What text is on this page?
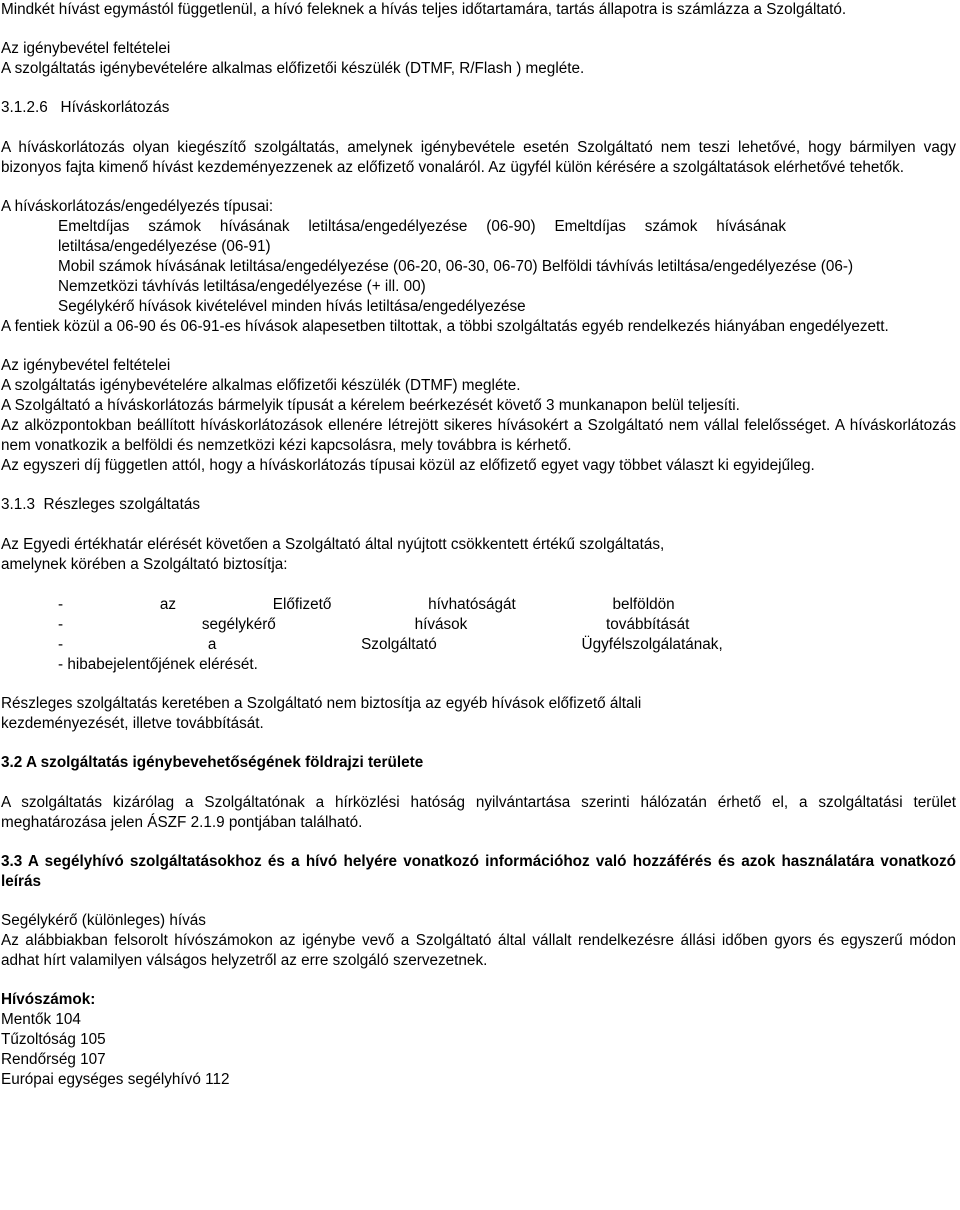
Mindkét hívást egymástól függetlenül, a hívó feleknek a hívás teljes időtartamára, tartás állapotra is számlázza a Szolgáltató.

Az igénybevétel feltételei

A szolgáltatás igénybevételére alkalmas előfizetői készülék (DTMF, R/Flash ) megléte.

3.1.2.6   Híváskorlátozás

A híváskorlátozás olyan kiegészítő szolgáltatás, amelynek igénybevétele esetén Szolgáltató nem teszi lehetővé, hogy bármilyen vagy bizonyos fajta kimenő hívást kezdeményezzenek az előfizető vonaláról. Az ügyfél külön kérésére a szolgáltatások elérhetővé tehetők.

A híváskorlátozás/engedélyezés típusai:

Emeltdíjas számok hívásának letiltása/engedélyezése (06-90) Emeltdíjas számok hívásának letiltása/engedélyezése (06-91)

Mobil számok hívásának letiltása/engedélyezése (06-20, 06-30, 06-70) Belföldi távhívás letiltása/engedélyezése (06-)

Nemzetközi távhívás letiltása/engedélyezése (+ ill. 00)

Segélykérő hívások kivételével minden hívás letiltása/engedélyezése

A fentiek közül a 06-90 és 06-91-es hívások alapesetben tiltottak, a többi szolgáltatás egyéb rendelkezés hiányában engedélyezett.

Az igénybevétel feltételei

A szolgáltatás igénybevételére alkalmas előfizetői készülék (DTMF) megléte.

A Szolgáltató a híváskorlátozás bármelyik típusát a kérelem beérkezését követő 3 munkanapon belül teljesíti.

Az alközpontokban beállított híváskorlátozások ellenére létrejött sikeres hívásokért a Szolgáltató nem vállal felelősséget. A híváskorlátozás nem vonatkozik a belföldi és nemzetközi kézi kapcsolásra, mely továbbra is kérhető.

Az egyszeri díj független attól, hogy a híváskorlátozás típusai közül az előfizető egyet vagy többet választ ki egyidejűleg.

3.1.3  Részleges szolgáltatás

Az Egyedi értékhatár elérését követően a Szolgáltató által nyújtott csökkentett értékű szolgáltatás, amelynek körében a Szolgáltató biztosítja:

-   az   Előfizető   hívhatóságát   belföldön

-   segélykérő   hívások   továbbítását

-   a   Szolgáltató   Ügyfélszolgálatának,

- hibabejelentőjének elérését.

Részleges szolgáltatás keretében a Szolgáltató nem biztosítja az egyéb hívások előfizető általi kezdeményezését, illetve továbbítását.

3.2 A szolgáltatás igénybevehetőségének földrajzi területe

A szolgáltatás kizárólag a Szolgáltatónak a hírközlési hatóság nyilvántartása szerinti hálózatán érhető el, a szolgáltatási terület meghatározása jelen ÁSZF 2.1.9 pontjában található.

3.3 A segélyhívó szolgáltatásokhoz és a hívó helyére vonatkozó információhoz való hozzáférés és azok használatára vonatkozó leírás

Segélykérő (különleges) hívás

Az alábbiakban felsorolt hívószámokon az igénybe vevő a Szolgáltató által vállalt rendelkezésre állási időben gyors és egyszerű módon adhat hírt valamilyen válságos helyzetről az erre szolgáló szervezetnek.

Hívószámok:

Mentők 104

Tűzoltóság 105

Rendőrség 107

Európai egységes segélyhívó 112
